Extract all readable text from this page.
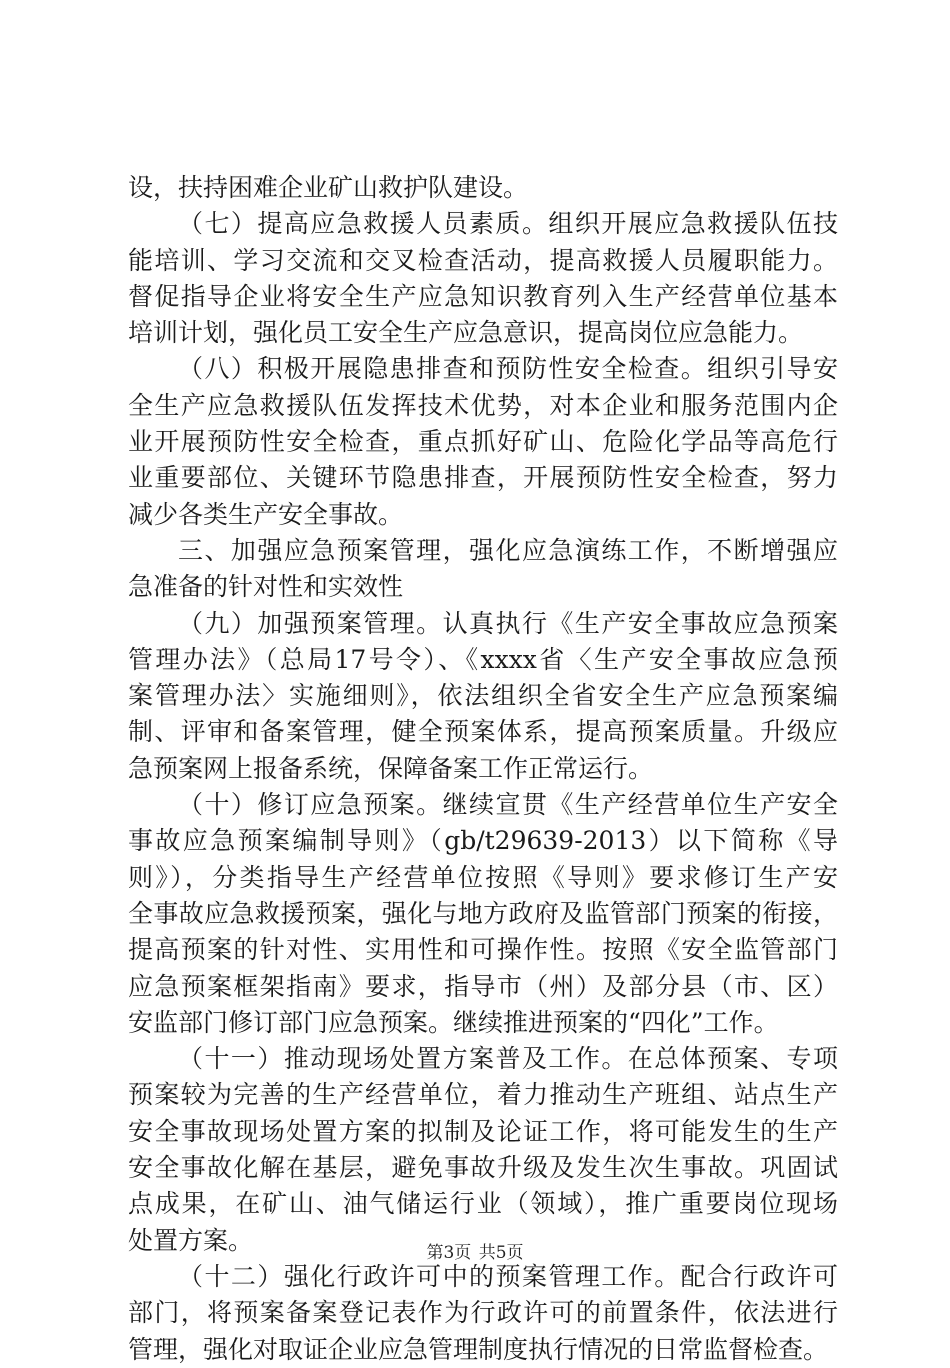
设，扶持困难企业矿山救护队建设。
（七）提高应急救援人员素质。组织开展应急救援队伍技
能培训、学习交流和交叉检查活动，提高救援人员履职能力。
督促指导企业将安全生产应急知识教育列入生产经营单位基本
培训计划，强化员工安全生产应急意识，提高岗位应急能力。
（八）积极开展隐患排查和预防性安全检查。组织引导安
全生产应急救援队伍发挥技术优势，对本企业和服务范围内企
业开展预防性安全检查，重点抓好矿山、危险化学品等高危行
业重要部位、关键环节隐患排查，开展预防性安全检查，努力
减少各类生产安全事故。
三、加强应急预案管理，强化应急演练工作，不断增强应
急准备的针对性和实效性
（九）加强预案管理。认真执行《生产安全事故应急预案
管理办法》（总局17号令）、《xxxx省〈生产安全事故应急预
案管理办法〉实施细则》，依法组织全省安全生产应急预案编
制、评审和备案管理，健全预案体系，提高预案质量。升级应
急预案网上报备系统，保障备案工作正常运行。
（十）修订应急预案。继续宣贯《生产经营单位生产安全
事故应急预案编制导则》（gb/t29639-2013）以下简称《导
则》），分类指导生产经营单位按照《导则》要求修订生产安
全事故应急救援预案，强化与地方政府及监管部门预案的衔接，
提高预案的针对性、实用性和可操作性。按照《安全监管部门
应急预案框架指南》要求，指导市（州）及部分县（市、区）
安监部门修订部门应急预案。继续推进预案的“四化”工作。
（十一）推动现场处置方案普及工作。在总体预案、专项
预案较为完善的生产经营单位，着力推动生产班组、站点生产
安全事故现场处置方案的拟制及论证工作，将可能发生的生产
安全事故化解在基层，避免事故升级及发生次生事故。巩固试
点成果，在矿山、油气储运行业（领域），推广重要岗位现场
处置方案。
（十二）强化行政许可中的预案管理工作。配合行政许可
部门，将预案备案登记表作为行政许可的前置条件，依法进行
管理，强化对取证企业应急管理制度执行情况的日常监督检查。
第3页 共5页
